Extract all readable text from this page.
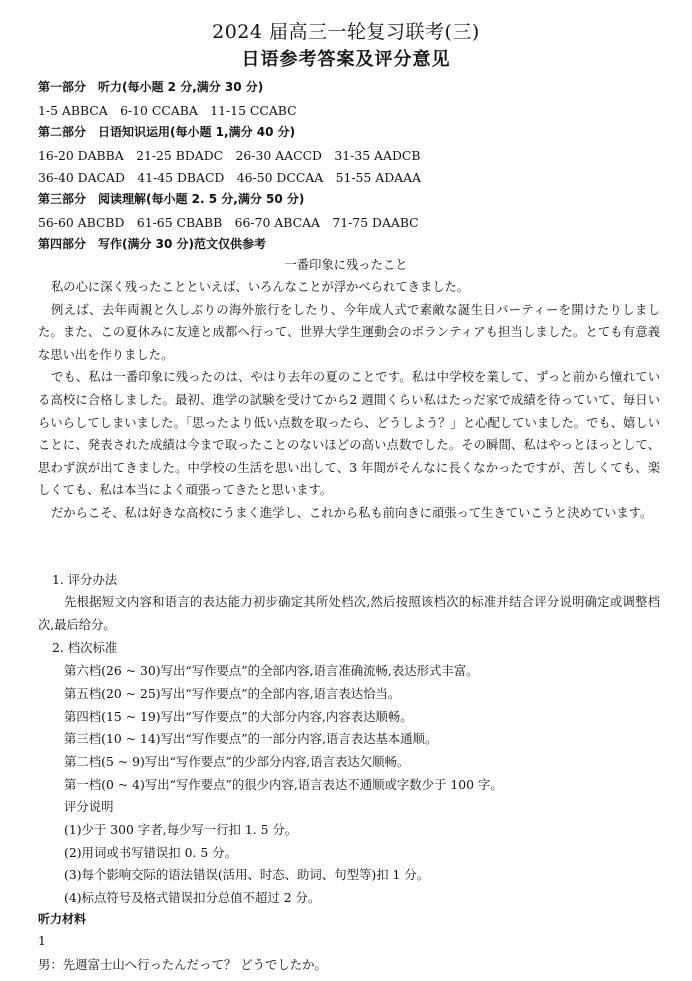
2024 届高三一轮复习联考(三)
日语参考答案及评分意见
第一部分　听力(每小题 2 分,满分 30 分)
1-5 ABBCA　6-10 CCABA　11-15 CCABC
第二部分　日语知识运用(每小题 1,满分 40 分)
16-20 DABBA　21-25 BDADC　26-30 AACCD　31-35 AADCB
36-40 DACAD　41-45 DBACD　46-50 DCCAA　51-55 ADAAA
第三部分　阅读理解(每小题 2. 5 分,满分 50 分)
56-60 ABCBD　61-65 CBABB　66-70 ABCAA　71-75 DAABC
第四部分　写作(满分 30 分)范文仅供参考
一番印象に残ったこと

私の心に深く残ったことといえば、いろんなことが浮かべられてきました。

例えば、去年両親と久しぶりの海外旅行をしたり、今年成人式で素敵な誕生日パーティーを開けたりしました。また、この夏休みに友達と成都へ行って、世界大学生運動会のボランティアも担当しました。とても有意義な思い出を作りました。

でも、私は一番印象に残ったのは、やはり去年の夏のことです。私は中学校を業して、ずっと前から憧れている高校に合格しました。最初、進学の試験を受けてから2 週間くらい私はたっだ家で成績を待っていて、毎日いらいらしてしまいました。「思ったより低い点数を取ったら、どうしよう？」と心配していました。でも、嬉しいことに、発表された成績は今まで取ったことのないほどの高い点数でした。その瞬間、私はやっとほっとして、思わず涙が出てきました。中学校の生活を思い出して、3 年間がそんなに長くなかったですが、苦しくても、楽しくても、私は本当によく頑張ってきたと思います。

だからこそ、私は好きな高校にうまく進学し、これから私も前向きに頑張って生きていこうと決めています。

1. 评分办法

先根据短文内容和语言的表达能力初步确定其所处档次,然后按照该档次的标准并结合评分说明确定或调整档次,最后给分。

2. 档次标准
第六档(26 ~ 30)写出“写作要点”的全部内容,语言准确流畅,表达形式丰富。
第五档(20 ~ 25)写出“写作要点”的全部内容,语言表达恰当。
第四档(15 ~ 19)写出“写作要点”的大部分内容,内容表达顺畅。
第三档(10 ~ 14)写出“写作要点”的一部分内容,语言表达基本通顺。
第二档(5 ~ 9)写出“写作要点”的少部分内容,语言表达欠顺畅。
第一档(0 ~ 4)写出“写作要点”的很少内容,语言表达不通顺或字数少于 100 字。
评分说明
(1)少于 300 字者,每少写一行扣 1. 5 分。
(2)用词或书写错误扣 0. 5 分。
(3)每个影响交际的语法错误(活用、时态、助词、句型等)扣 1 分。
(4)标点符号及格式错误扣分总值不超过 2 分。
听力材料
1
男：先週富士山へ行ったんだって？ どうでしたか。
